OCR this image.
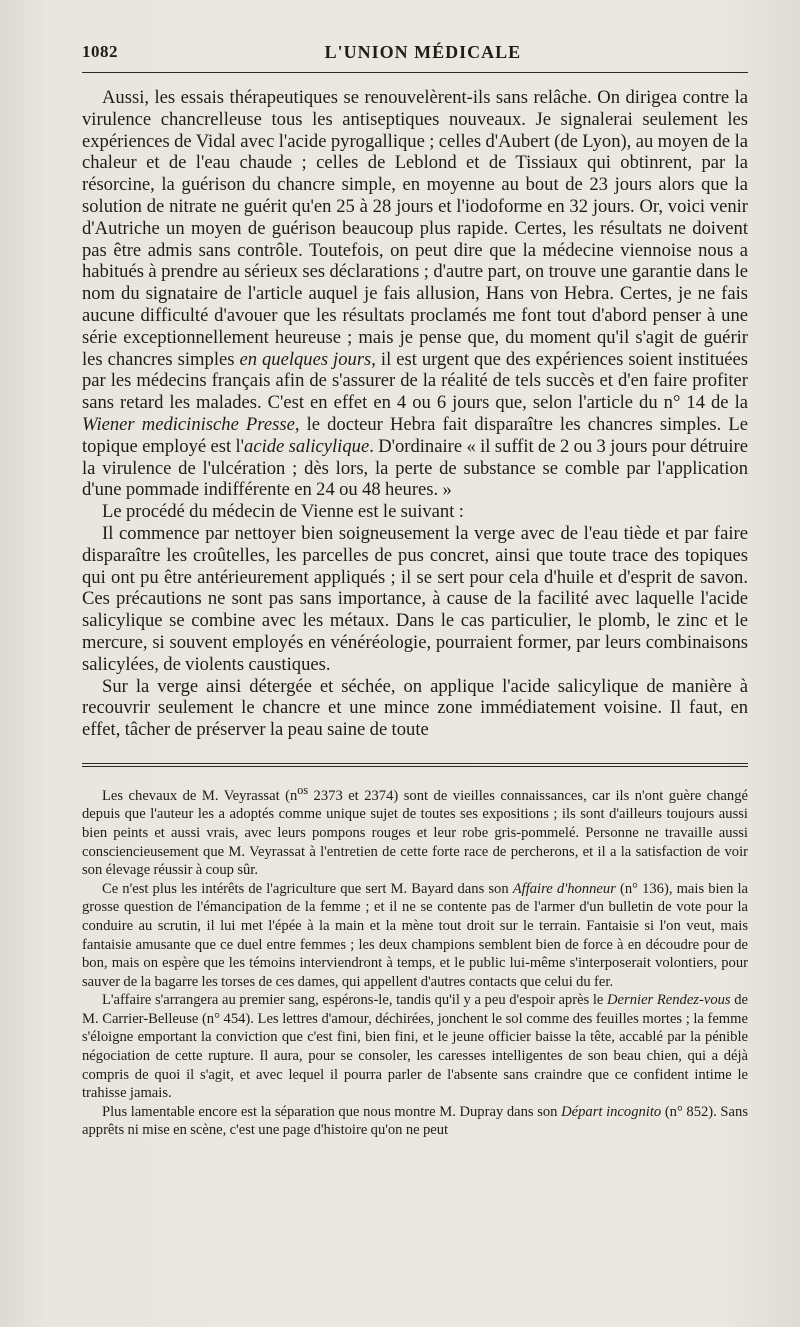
1082	L'UNION MÉDICALE

Aussi, les essais thérapeutiques se renouvelèrent-ils sans relâche. On dirigea contre la virulence chancrelleuse tous les antiseptiques nouveaux. Je signalerai seulement les expériences de Vidal avec l'acide pyrogallique ; celles d'Aubert (de Lyon), au moyen de la chaleur et de l'eau chaude ; celles de Leblond et de Tissiaux qui obtinrent, par la résorcine, la guérison du chancre simple, en moyenne au bout de 23 jours alors que la solution de nitrate ne guérit qu'en 25 à 28 jours et l'iodoforme en 32 jours. Or, voici venir d'Autriche un moyen de guérison beaucoup plus rapide. Certes, les résultats ne doivent pas être admis sans contrôle. Toutefois, on peut dire que la médecine viennoise nous a habitués à prendre au sérieux ses déclarations ; d'autre part, on trouve une garantie dans le nom du signataire de l'article auquel je fais allusion, Hans von Hebra. Certes, je ne fais aucune difficulté d'avouer que les résultats proclamés me font tout d'abord penser à une série exceptionnellement heureuse ; mais je pense que, du moment qu'il s'agit de guérir les chancres simples en quelques jours, il est urgent que des expériences soient instituées par les médecins français afin de s'assurer de la réalité de tels succès et d'en faire profiter sans retard les malades. C'est en effet en 4 ou 6 jours que, selon l'article du n° 14 de la Wiener medicinische Presse, le docteur Hebra fait disparaître les chancres simples. Le topique employé est l'acide salicylique. D'ordinaire « il suffit de 2 ou 3 jours pour détruire la virulence de l'ulcération ; dès lors, la perte de substance se comble par l'application d'une pommade indifférente en 24 ou 48 heures. »

Le procédé du médecin de Vienne est le suivant :

Il commence par nettoyer bien soigneusement la verge avec de l'eau tiède et par faire disparaître les croûtelles, les parcelles de pus concret, ainsi que toute trace des topiques qui ont pu être antérieurement appliqués ; il se sert pour cela d'huile et d'esprit de savon. Ces précautions ne sont pas sans importance, à cause de la facilité avec laquelle l'acide salicylique se combine avec les métaux. Dans le cas particulier, le plomb, le zinc et le mercure, si souvent employés en vénéréologie, pourraient former, par leurs combinaisons salicylées, de violents caustiques.

Sur la verge ainsi détergée et séchée, on applique l'acide salicylique de manière à recouvrir seulement le chancre et une mince zone immédiatement voisine. Il faut, en effet, tâcher de préserver la peau saine de toute

Les chevaux de M. Veyrassat ($n^{os}$ 2373 et 2374) sont de vieilles connaissances, car ils n'ont guère changé depuis que l'auteur les a adoptés comme unique sujet de toutes ses expositions ; ils sont d'ailleurs toujours aussi bien peints et aussi vrais, avec leurs pompons rouges et leur robe gris-pommelé. Personne ne travaille aussi consciencieusement que M. Veyrassat à l'entretien de cette forte race de percherons, et il a la satisfaction de voir son élevage réussir à coup sûr.

Ce n'est plus les intérêts de l'agriculture que sert M. Bayard dans son Affaire d'honneur (n° 136), mais bien la grosse question de l'émancipation de la femme ; et il ne se contente pas de l'armer d'un bulletin de vote pour la conduire au scrutin, il lui met l'épée à la main et la mène tout droit sur le terrain. Fantaisie si l'on veut, mais fantaisie amusante que ce duel entre femmes ; les deux champions semblent bien de force à en découdre pour de bon, mais on espère que les témoins interviendront à temps, et le public lui-même s'interposerait volontiers, pour sauver de la bagarre les torses de ces dames, qui appellent d'autres contacts que celui du fer.

L'affaire s'arrangera au premier sang, espérons-le, tandis qu'il y a peu d'espoir après le Dernier Rendez-vous de M. Carrier-Belleuse (n° 454). Les lettres d'amour, déchirées, jonchent le sol comme des feuilles mortes ; la femme s'éloigne emportant la conviction que c'est fini, bien fini, et le jeune officier baisse la tête, accablé par la pénible négociation de cette rupture. Il aura, pour se consoler, les caresses intelligentes de son beau chien, qui a déjà compris de quoi il s'agit, et avec lequel il pourra parler de l'absente sans craindre que ce confident intime le trahisse jamais.

Plus lamentable encore est la séparation que nous montre M. Dupray dans son Départ incognito (n° 852). Sans apprêts ni mise en scène, c'est une page d'histoire qu'on ne peut
